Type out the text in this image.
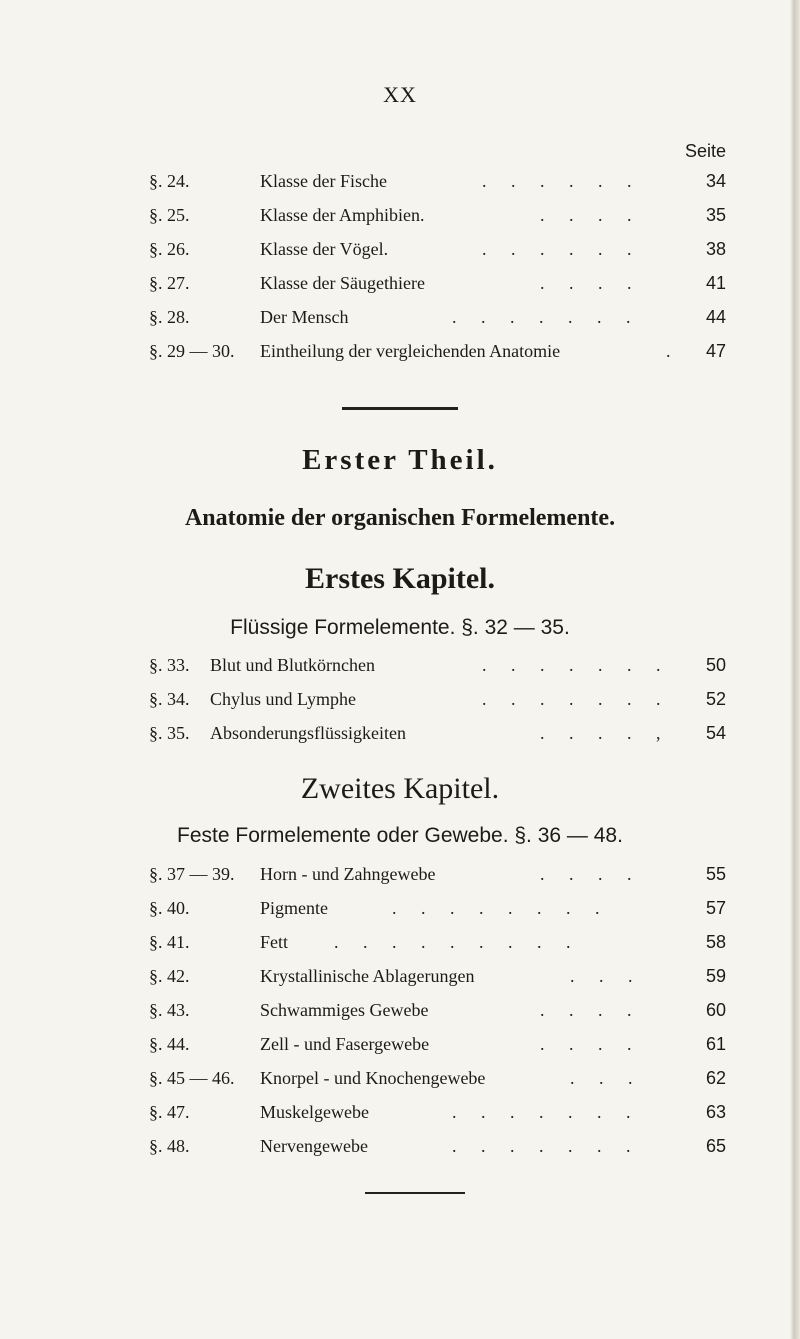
XX
Seite
§. 24.	Klasse der Fische	. . . . . .	34
§. 25.	Klasse der Amphibien.	. . . .	35
§. 26.	Klasse der Vögel.	. . . . . .	38
§. 27.	Klasse der Säugethiere	. . . .	41
§. 28.	Der Mensch	. . . . . . .	44
§. 29 — 30. Eintheilung der vergleichenden Anatomie	.	47
Erster Theil.
Anatomie der organischen Formelemente.
Erstes Kapitel.
Flüssige Formelemente. §. 32 — 35.
§. 33. Blut und Blutkörnchen	. . . . . . .	50
§. 34. Chylus und Lymphe	. . . . . . .	52
§. 35. Absonderungsflüssigkeiten	. . . . ,	54
Zweites Kapitel.
Feste Formelemente oder Gewebe. §. 36 — 48.
§. 37 — 39. Horn - und Zahngewebe	. . . .	55
§. 40.	Pigmente	. . . . . . . .	57
§. 41.	Fett	. . . . . . . . .	58
§. 42.	Krystallinische Ablagerungen	. . .	59
§. 43.	Schwammiges Gewebe	. . . .	60
§. 44.	Zell - und Fasergewebe	. . . .	61
§. 45 — 46. Knorpel - und Knochengewebe	. . .	62
§. 47.	Muskelgewebe	. . . . . . .	63
§. 48.	Nervengewebe	. . . . . . .	65
